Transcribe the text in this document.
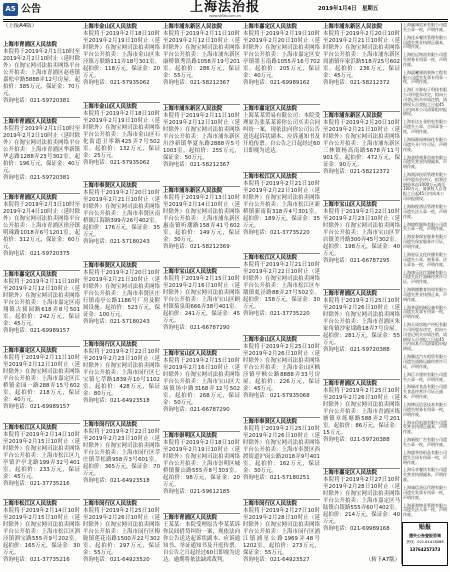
A5 公告	上海法治报
www.shfzb.com.cn
2019年1月4日 星期五
（上接A4版）
上海市青浦区人民法院
本院将于2019年2月1日10时至2019年2月2日10时止（延时除外）在淘宝网司法拍卖网络平台公开拍卖：上海市青浦区赵巷镇嘉松中路5888弄12号房屋。起拍价：385万元，保证金：70万元。
咨询电话：021-59720381
上海市青浦区人民法院
本院将于2019年2月1日10时至2019年2月2日10时止（延时除外）在淘宝网司法拍卖网络平台公开拍卖：上海市青浦区华新镇华志路1288弄23号302室。起拍价：196万元，保证金：40万元。
咨询电话：021-59720381
上海市青浦区人民法院
本院将于2019年2月3日10时至2019年2月4日10时止（延时除外）在淘宝网司法拍卖网络平台公开拍卖：上海市青浦区徐泾镇明珠路1018弄6号1201室。起拍价：312万元，保证金：60万元。
咨询电话：021-59720375
上海市嘉定区人民法院
本院将于2019年2月11日10时至2019年2月12日10时止（延时除外）在淘宝网司法拍卖网络平台公开拍卖：上海市嘉定区南翔镇古猗园路618弄8号501室。起拍价：242万元，保证金：45万元。
咨询电话：021-69989157
上海市嘉定区人民法院
本院将于2019年2月11日10时至2019年2月12日10时止（延时除外）在淘宝网司法拍卖网络平台公开拍卖：上海市嘉定区江桥镇金园一路288弄15号602室。起拍价：218万元，保证金：40万元。
咨询电话：021-69989157
上海市松江区人民法院
本院将于2019年2月14日10时至2019年2月15日10时止（延时除外）在淘宝网司法拍卖网络平台公开拍卖：上海市松江区九亭镇沪亭北路199弄32号401室。起拍价：233万元，保证金：45万元。
咨询电话：021-37735216
上海市松江区人民法院
本院将于2019年2月14日10时至2019年2月15日10时止（延时除外）在淘宝网司法拍卖网络平台公开拍卖：上海市松江区泗泾镇泗宝路555弄9号202室。起拍价：165万元，保证金：30万元。
咨询电话：021-37735216
上海市金山区人民法院
本院将于2019年2月18日10时至2019年2月19日10时止（延时除外）在淘宝网司法拍卖网络平台公开拍卖：上海市金山区朱泾镇万联路111弄18号301室。起拍价：118万元，保证金：20万元。
咨询电话：021-57935062
上海市金山区人民法院
本院将于2019年2月18日10时至2019年2月19日10时止（延时除外）在淘宝网司法拍卖网络平台公开拍卖：上海市金山区石化街道卫零路425弄7号502室。起拍价：132万元，保证金：25万元。
咨询电话：021-57935062
上海市奉贤区人民法院
本院将于2019年2月20日10时至2019年2月21日10时止（延时除外）在淘宝网司法拍卖网络平台公开拍卖：上海市奉贤区南桥镇江海路399弄26号402室。起拍价：176万元，保证金：35万元。
咨询电话：021-57180243
上海市奉贤区人民法院
本院将于2019年2月20日10时至2019年2月21日10时止（延时除外）在淘宝网司法拍卖网络平台公开拍卖：上海市奉贤区庄行镇南亭公路1186号厂房及附属设施。起拍价：523万元，保证金：100万元。
咨询电话：021-57180243
上海市闵行区人民法院
本院将于2019年2月22日10时至2019年2月23日10时止（延时除外）在淘宝网司法拍卖网络平台公开拍卖：上海市闵行区七宝镇七莘路1839弄10号1102室。起拍价：428万元，保证金：80万元。
咨询电话：021-64923518
上海市闵行区人民法院
本院将于2019年2月22日10时至2019年2月23日10时止（延时除外）在淘宝网司法拍卖网络平台公开拍卖：上海市闵行区莘庄镇莘松路958弄3号601室。起拍价：365万元，保证金：70万元。
咨询电话：021-64923518
上海市闵行区人民法院
本院将于2019年2月25日10时至2019年2月26日10时止（延时除外）在淘宝网司法拍卖网络平台公开拍卖：上海市闵行区梅陇镇莲花南路1500弄22号302室。起拍价：297万元，保证金：55万元。
咨询电话：021-64923520
上海市浦东新区人民法院
本院将于2019年2月11日10时至2019年2月12日10时止（延时除外）在淘宝网司法拍卖网络平台公开拍卖：上海市浦东新区康桥镇秀沿路1058弄19号201室。起拍价：286万元，保证金：55万元。
咨询电话：021-58212367
上海市浦东新区人民法院
本院将于2019年2月11日10时至2019年2月12日10时止（延时除外）在淘宝网司法拍卖网络平台公开拍卖：上海市浦东新区川沙新镇华夏东路2888弄5号1003室。起拍价：255万元，保证金：50万元。
咨询电话：021-58212367
上海市浦东新区人民法院
本院将于2019年2月13日10时至2019年2月14日10时止（延时除外）在淘宝网司法拍卖网络平台公开拍卖：上海市浦东新区惠南镇听潮路158弄41号602室。起拍价：149万元，保证金：30万元。
咨询电话：021-58212369
上海市宝山区人民法院
本院将于2019年2月15日10时至2019年2月16日10时止（延时除外）在淘宝网司法拍卖网络平台公开拍卖：上海市宝山区顾村镇菊泉街666弄38号401室。起拍价：241万元，保证金：45万元。
咨询电话：021-66787290
上海市宝山区人民法院
本院将于2019年2月15日10时至2019年2月16日10时止（延时除外）在淘宝网司法拍卖网络平台公开拍卖：上海市宝山区大场镇场中路3168弄12号502室。起拍价：268万元，保证金：50万元。
咨询电话：021-66787290
上海市崇明区人民法院
本院将于2019年2月18日10时至2019年2月19日10时止（延时除外）在淘宝网司法拍卖网络平台公开拍卖：上海市崇明区城桥镇鳌山路555弄8号303室。起拍价：98万元，保证金：20万元。
咨询电话：021-59612185
上海市青浦区人民法院
王某某：本院受理原告李某某诉你民间借贷纠纷一案，现依法向你公告送达起诉状副本、应诉通知书、举证通知书及开庭传票。自公告之日起经过60日即视为送达。逾期将依法缺席裁判。
上海市嘉定区人民法院
本院将于2019年2月19日10时至2019年2月20日10时止（延时除外）在淘宝网司法拍卖网络平台公开拍卖：上海市嘉定区安亭镇墨玉南路1055弄16号702室。起拍价：205万元，保证金：40万元。
咨询电话：021-69989162
上海市嘉定区人民法院
上海某某贸易有限公司：本院受理原告张某某诉你公司买卖合同纠纷一案，现依法向你公司公告送达起诉状副本、应诉通知书及开庭传票。自公告之日起经过60日即视为送达。
上海市松江区人民法院
本院将于2019年2月21日10时至2019年2月22日10时止（延时除外）在淘宝网司法拍卖网络平台公开拍卖：上海市松江区新桥镇新南街318弄4号301室。起拍价：189万元，保证金：35万元。
咨询电话：021-37735220
上海市松江区人民法院
本院将于2019年2月21日10时至2019年2月22日10时止（延时除外）在淘宝网司法拍卖网络平台公开拍卖：上海市松江区车墩镇虬泾路88弄27号502室。起拍价：158万元，保证金：30万元。
咨询电话：021-37735220
上海市金山区人民法院
本院将于2019年2月25日10时至2019年2月26日10时止（延时除外）在淘宝网司法拍卖网络平台公开拍卖：上海市金山区枫泾镇亭枫公路8888弄33号房屋。起拍价：226万元，保证金：45万元。
咨询电话：021-57935068
上海市奉贤区人民法院
本院将于2019年2月25日10时至2019年2月26日10时止（延时除外）在淘宝网司法拍卖网络平台公开拍卖：上海市奉贤区西渡街道沪闵公路2018弄9号401室。起拍价：162万元，保证金：30万元。
咨询电话：021-57180251
上海市闵行区人民法院
本院将于2019年2月27日10时至2019年2月28日10时止（延时除外）在淘宝网司法拍卖网络平台公开拍卖：上海市闵行区浦江镇浦星公路1969弄48号1202室。起拍价：273万元，保证金：55万元。
咨询电话：021-64923527
上海市浦东新区人民法院
本院将于2019年2月20日10时至2019年2月21日10时止（延时除外）在淘宝网司法拍卖网络平台公开拍卖：上海市浦东新区周浦镇年家浜路518弄25号602室。起拍价：236万元，保证金：45万元。
咨询电话：021-58212372
上海市浦东新区人民法院
本院将于2019年2月20日10时至2019年2月21日10时止（延时除外）在淘宝网司法拍卖网络平台公开拍卖：上海市浦东新区三林镇杨高南路5678弄11号901室。起拍价：472万元，保证金：90万元。
咨询电话：021-58212372
上海市宝山区人民法院
本院将于2019年2月22日10时至2019年2月23日10时止（延时除外）在淘宝网司法拍卖网络平台公开拍卖：上海市宝山区罗店镇美丹路300弄45号302室。起拍价：198万元，保证金：40万元。
咨询电话：021-66787295
上海市青浦区人民法院
本院将于2019年2月25日10时至2019年2月26日10时止（延时除外）在淘宝网司法拍卖网络平台公开拍卖：上海市青浦区朱家角镇沙家埭路18弄7号房屋。起拍价：281万元，保证金：55万元。
咨询电话：021-59720388
上海市青浦区人民法院
本院将于2019年2月25日10时至2019年2月26日10时止（延时除外）在淘宝网司法拍卖网络平台公开拍卖：上海市青浦区练塘镇章练塘路588弄2号201室。起拍价：86万元，保证金：15万元。
咨询电话：021-59720388
上海市嘉定区人民法院
本院将于2019年2月27日10时至2019年2月28日10时止（延时除外）在淘宝网司法拍卖网络平台公开拍卖：上海市嘉定区马陆镇白银路555弄60号402室。起拍价：214万元，保证金：40万元。
咨询电话：021-69989168
（转下A7版）
上海鑫诚贸易有限公司遗失公章一枚，声明作废。
上海佳禾餐饮管理有限公司遗失营业执照正副本，声明作废。
上海恒远物流有限公司遗失财务专用章一枚，声明作废。
上海晨曦建筑装饰工程有限公司遗失发票专用章一枚，声明作废。
上海汇丰源电子科技有限公司经股东决定，拟向公司登记机关申请注销，请债权人自登报之日起45日内向本公司清算组申报债权。
上海宏达五金机电有限公司遗失公章、合同章各一枚，声明作废。
上海绿源园林绿化有限公司遗失开户许可证，声明作废。
上海金桥商务咨询有限公司遗失营业执照副本，声明作废。
上海润泽投资管理有限公司经股东会决议，拟将注册资本由1000万元减至100万元，请债权人自登报之日起45日内向本公司申报债权。
上海海悦酒店管理有限公司遗失法人章一枚，声明作废。
上海锦程服饰有限公司遗失公章一枚，声明作废。
上海安泰保安服务有限公司遗失保安服务许可证，声明作废。
上海星辰文化传播有限公司遗失公章、财务章、法人章各一枚，声明作废。
上海康乐医疗器械有限公司遗失医疗器械经营许可证，声明作废。
上海明德教育培训有限公司遗失营业执照正本，声明作废。
上海华晟机械设备有限公司遗失发票专用章一枚，声明作废。
上海天成房地产经纪有限公司经股东决定，拟向公司登记机关申请注销，请债权人自登报之日起45日内向本公司清算组申报债权。
上海顺达汽车租赁有限公司遗失道路运输经营许可证，声明作废。
上海巨丰建材有限公司遗失公章一枚，声明作废。
上海瑞祥食品有限公司遗失食品经营许可证正副本，声明作废。
上海博远信息技术有限公司遗失财务专用章一枚，声明作废。
上海永信电器有限公司遗失营业执照正副本，声明作废。
上海新锐广告有限公司遗失公章一枚，声明作废。
上海盛华纺织品有限公司遗失合同专用章一枚，声明作废。
上海乐享餐饮有限公司遗失营业执照副本，声明作废。
上海诚信货运代理有限公司遗失发票专用章一枚，声明作废。
上海嘉和物业管理有限公司遗失法人章一枚，声明作废。
贴报
遗失公告登报咨询
热线：021-61418088
13764257373
